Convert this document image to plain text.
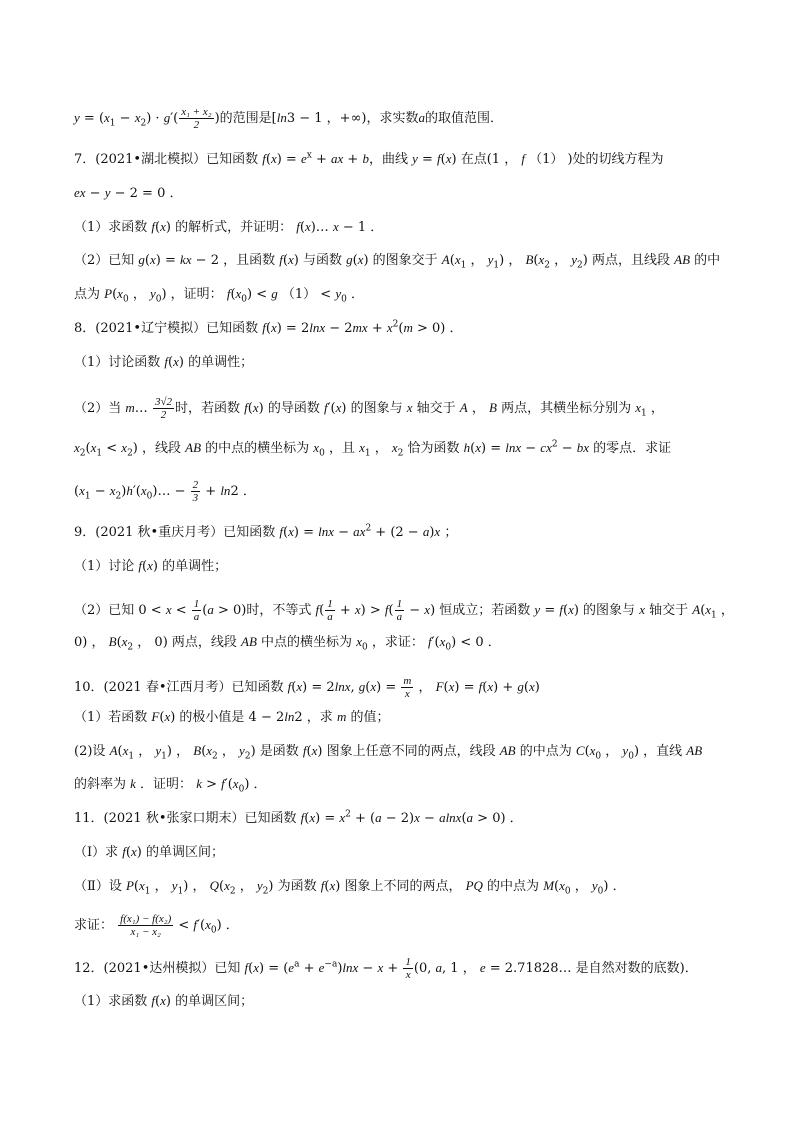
$y = (x_1 - x_2) \cdot g'( \frac{\text{x₁ + x₂}}{2}$ )的范围是[ln3 − 1 ，+∞)，求实数a的取值范围．
7．(2021•湖北模拟）已知函数 $f(x) = e^x$ + ax + b，曲线 y = f(x) 在点(1 ， f （1） )处的切线方程为
ex − y − 2 = 0 ．
（1）求函数 f(x) 的解析式，并证明： f(x)… x − 1 ．
（2）已知 g(x) = kx − 2 ，且函数 f(x) 与函数 g(x) 的图象交于 $A(x_1$ ， $y_1$) ， $B(x_2$ ， $y_2$) 两点，且线段 AB 的中
点为 $P(x_0$ ， $y_0$) ，证明： $f(x_0) < g$ $(1) < y_0$ ．
8．(2021•辽宁模拟）已知函数 $f(x) = 2\ln x - 2mx + x^2(m > 0)$ ．
（1）讨论函数 f(x) 的单调性；
（2）当 m… $\frac{3√2}{2}$ 时，若函数 f(x) 的导函数 f′(x) 的图象与 x 轴交于 A ， B 两点，其横坐标分别为 $x_1$ ，
$x_2(x_1 < x_2)$ ，线段 AB 的中点的横坐标为 $x_0$ ，且 $x_1$ ， $x_2$ 恰为函数 $h(x) = \ln x - cx^2$ − bx 的零点．求证
($x_1$ − $x_2)h'(x_0)\dots - \frac{2}{3} + \ln 2$ ．
9．(2021 秋•重庆月考）已知函数 $f(x) = \ln x - ax^2 + (2 - a)x$ ；
（1）讨论 f(x) 的单调性；
（2）已知 $0 < x < \frac{1}{a} (a > 0)$时，不等式 $f( \frac{1}{a} + x) > f( \frac{1}{a} - x)$ 恒成立；若函数 y = f(x) 的图象与 x 轴交于 $A(x_1$ ，
0) ， $B(x_2$ ， 0) 两点，线段 AB 中点的横坐标为 $x_0$ ，求证： $f'(x_0) < 0$ ．
10．(2021 春•江西月考）已知函数 f(x) = 2lnx, $g(x) = \frac{m}{x}$ ， F(x) = f(x) + g(x)
（1）若函数 F(x) 的极小值是 4 − 2ln2 ，求 m 的值；
(2)设 $A(x_1$ ， $y_1$) ， $B(x_2$ ， $y_2$) 是函数 f(x) 图象上任意不同的两点，线段 AB 的中点为 $C(x_0$ ， $y_0$) ，直线 AB
的斜率为 k ．证明： $k > f'(x_0)$ ．
11．(2021 秋•张家口期末）已知函数 $f(x) = x^2 + (a - 2)x - alnx(a > 0)$ ．
（Ⅰ）求 f(x) 的单调区间；
（Ⅱ）设 $P(x_1$ ， $y_1$) ， $Q(x_2$ ， $y_2$) 为函数 f(x) 图象上不同的两点， PQ 的中点为 $M(x_0$ ， $y_0$) ．
求证： $\frac{\text{f(x₁) − f(x₂)}}{\text{x₁ − x₂}} < f'(x_0)$ ．
12．(2021•达州模拟）已知 $f(x) = (e^a + e^{-a})\ln x - x + \frac{1}{x} (0$, a, 1 ， e = 2.71828… 是自然对数的底数)．
（1）求函数 f(x) 的单调区间；
